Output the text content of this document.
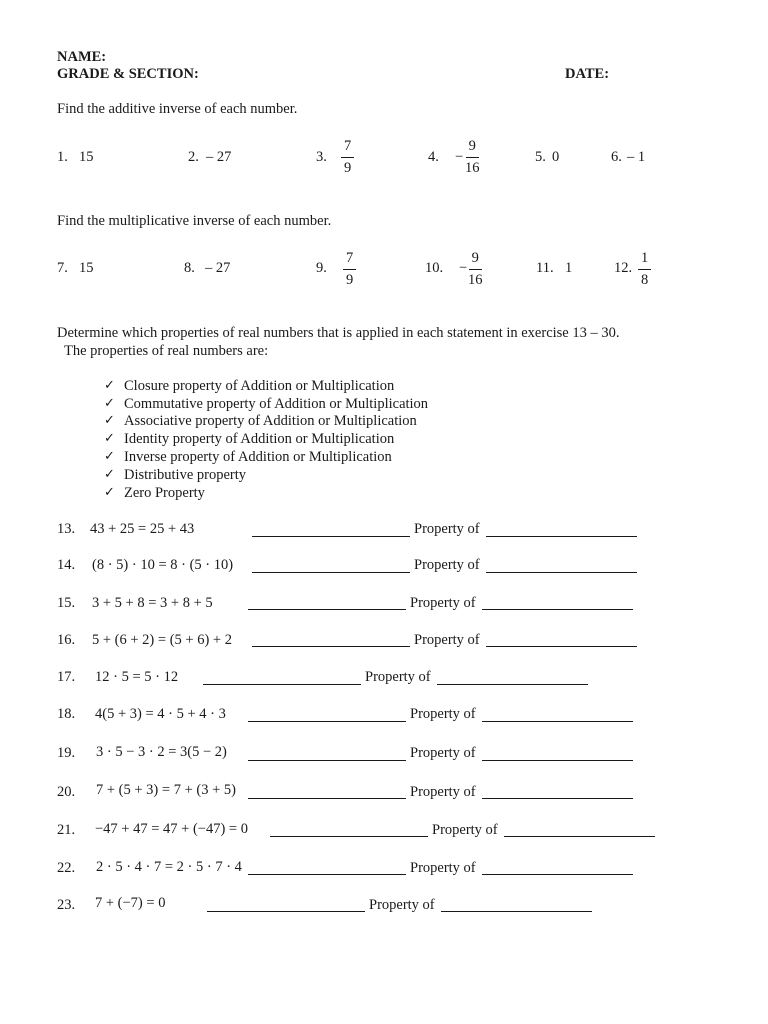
NAME:
GRADE & SECTION:	DATE:
Find the additive inverse of each number.
1. 15	2. – 27	3. $\frac{7}{9}$	4. − $\frac{9}{16}$	5. 0	6. – 1
Find the multiplicative inverse of each number.
7. 15	8. – 27	9. $\frac{7}{9}$	10. − $\frac{9}{16}$	11. 1	12. $\frac{1}{8}$
Determine which properties of real numbers that is applied in each statement in exercise 13 – 30.
The properties of real numbers are:
✓ Closure property of Addition or Multiplication
✓ Commutative property of Addition or Multiplication
✓ Associative property of Addition or Multiplication
✓ Identity property of Addition or Multiplication
✓ Inverse property of Addition or Multiplication
✓ Distributive property
✓ Zero Property
13. 43 + 25 = 25 + 43	Property of
14. (8 · 5) · 10 = 8 · (5 · 10)	Property of
15. 3 + 5 + 8 = 3 + 8 + 5	Property of
16. 5 + (6 + 2) = (5 + 6) + 2	Property of
17. 12 · 5 = 5 · 12	Property of
18. 4(5 + 3) = 4 · 5 + 4 · 3	Property of
19. 3 · 5 − 3 · 2 = 3(5 − 2)	Property of
20. 7 + (5 + 3) = 7 + (3 + 5)	Property of
21. −47 + 47 = 47 + (−47) = 0	Property of
22. 2 · 5 · 4 · 7 = 2 · 5 · 7 · 4	Property of
23. 7 + (−7) = 0	Property of
